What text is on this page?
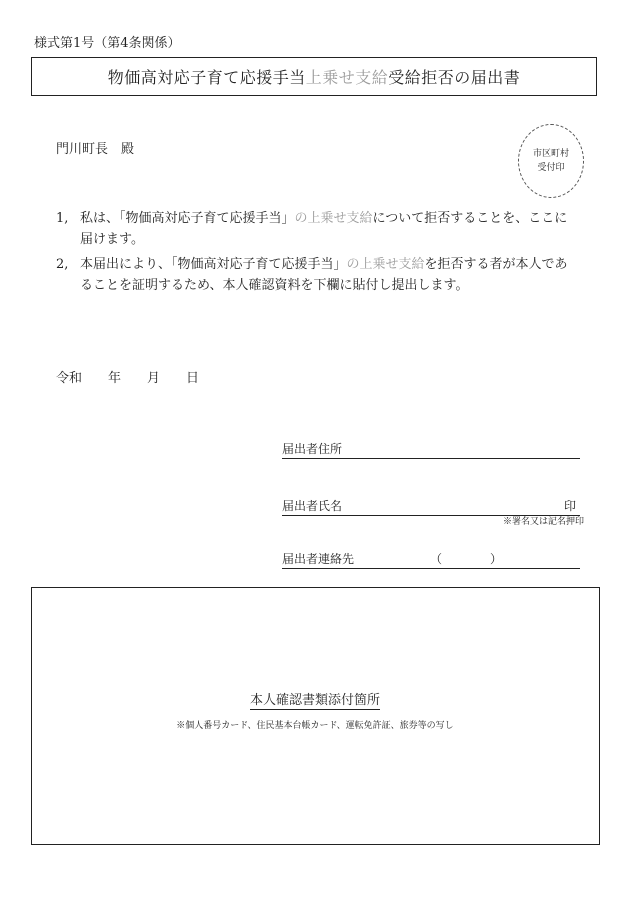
様式第1号（第4条関係）
物価高対応子育て応援手当 上乗せ支給 受給拒否の届出書
門川町長　殿	市区町村
受付印
1, 私は、「物価高対応子育て応援手当」の上乗せ支給について拒否することを、ここに届けます。
2, 本届出により、「物価高対応子育て応援手当」の上乗せ支給を拒否する者が本人であることを証明するため、本人確認資料を下欄に貼付し提出します。
令和　　年　　月　　日
届出者住所
届出者氏名	印
※署名又は記名押印
届出者連絡先	（　　　　）
本人確認書類添付箇所
※個人番号カード、住民基本台帳カード、運転免許証、旅券等の写し
